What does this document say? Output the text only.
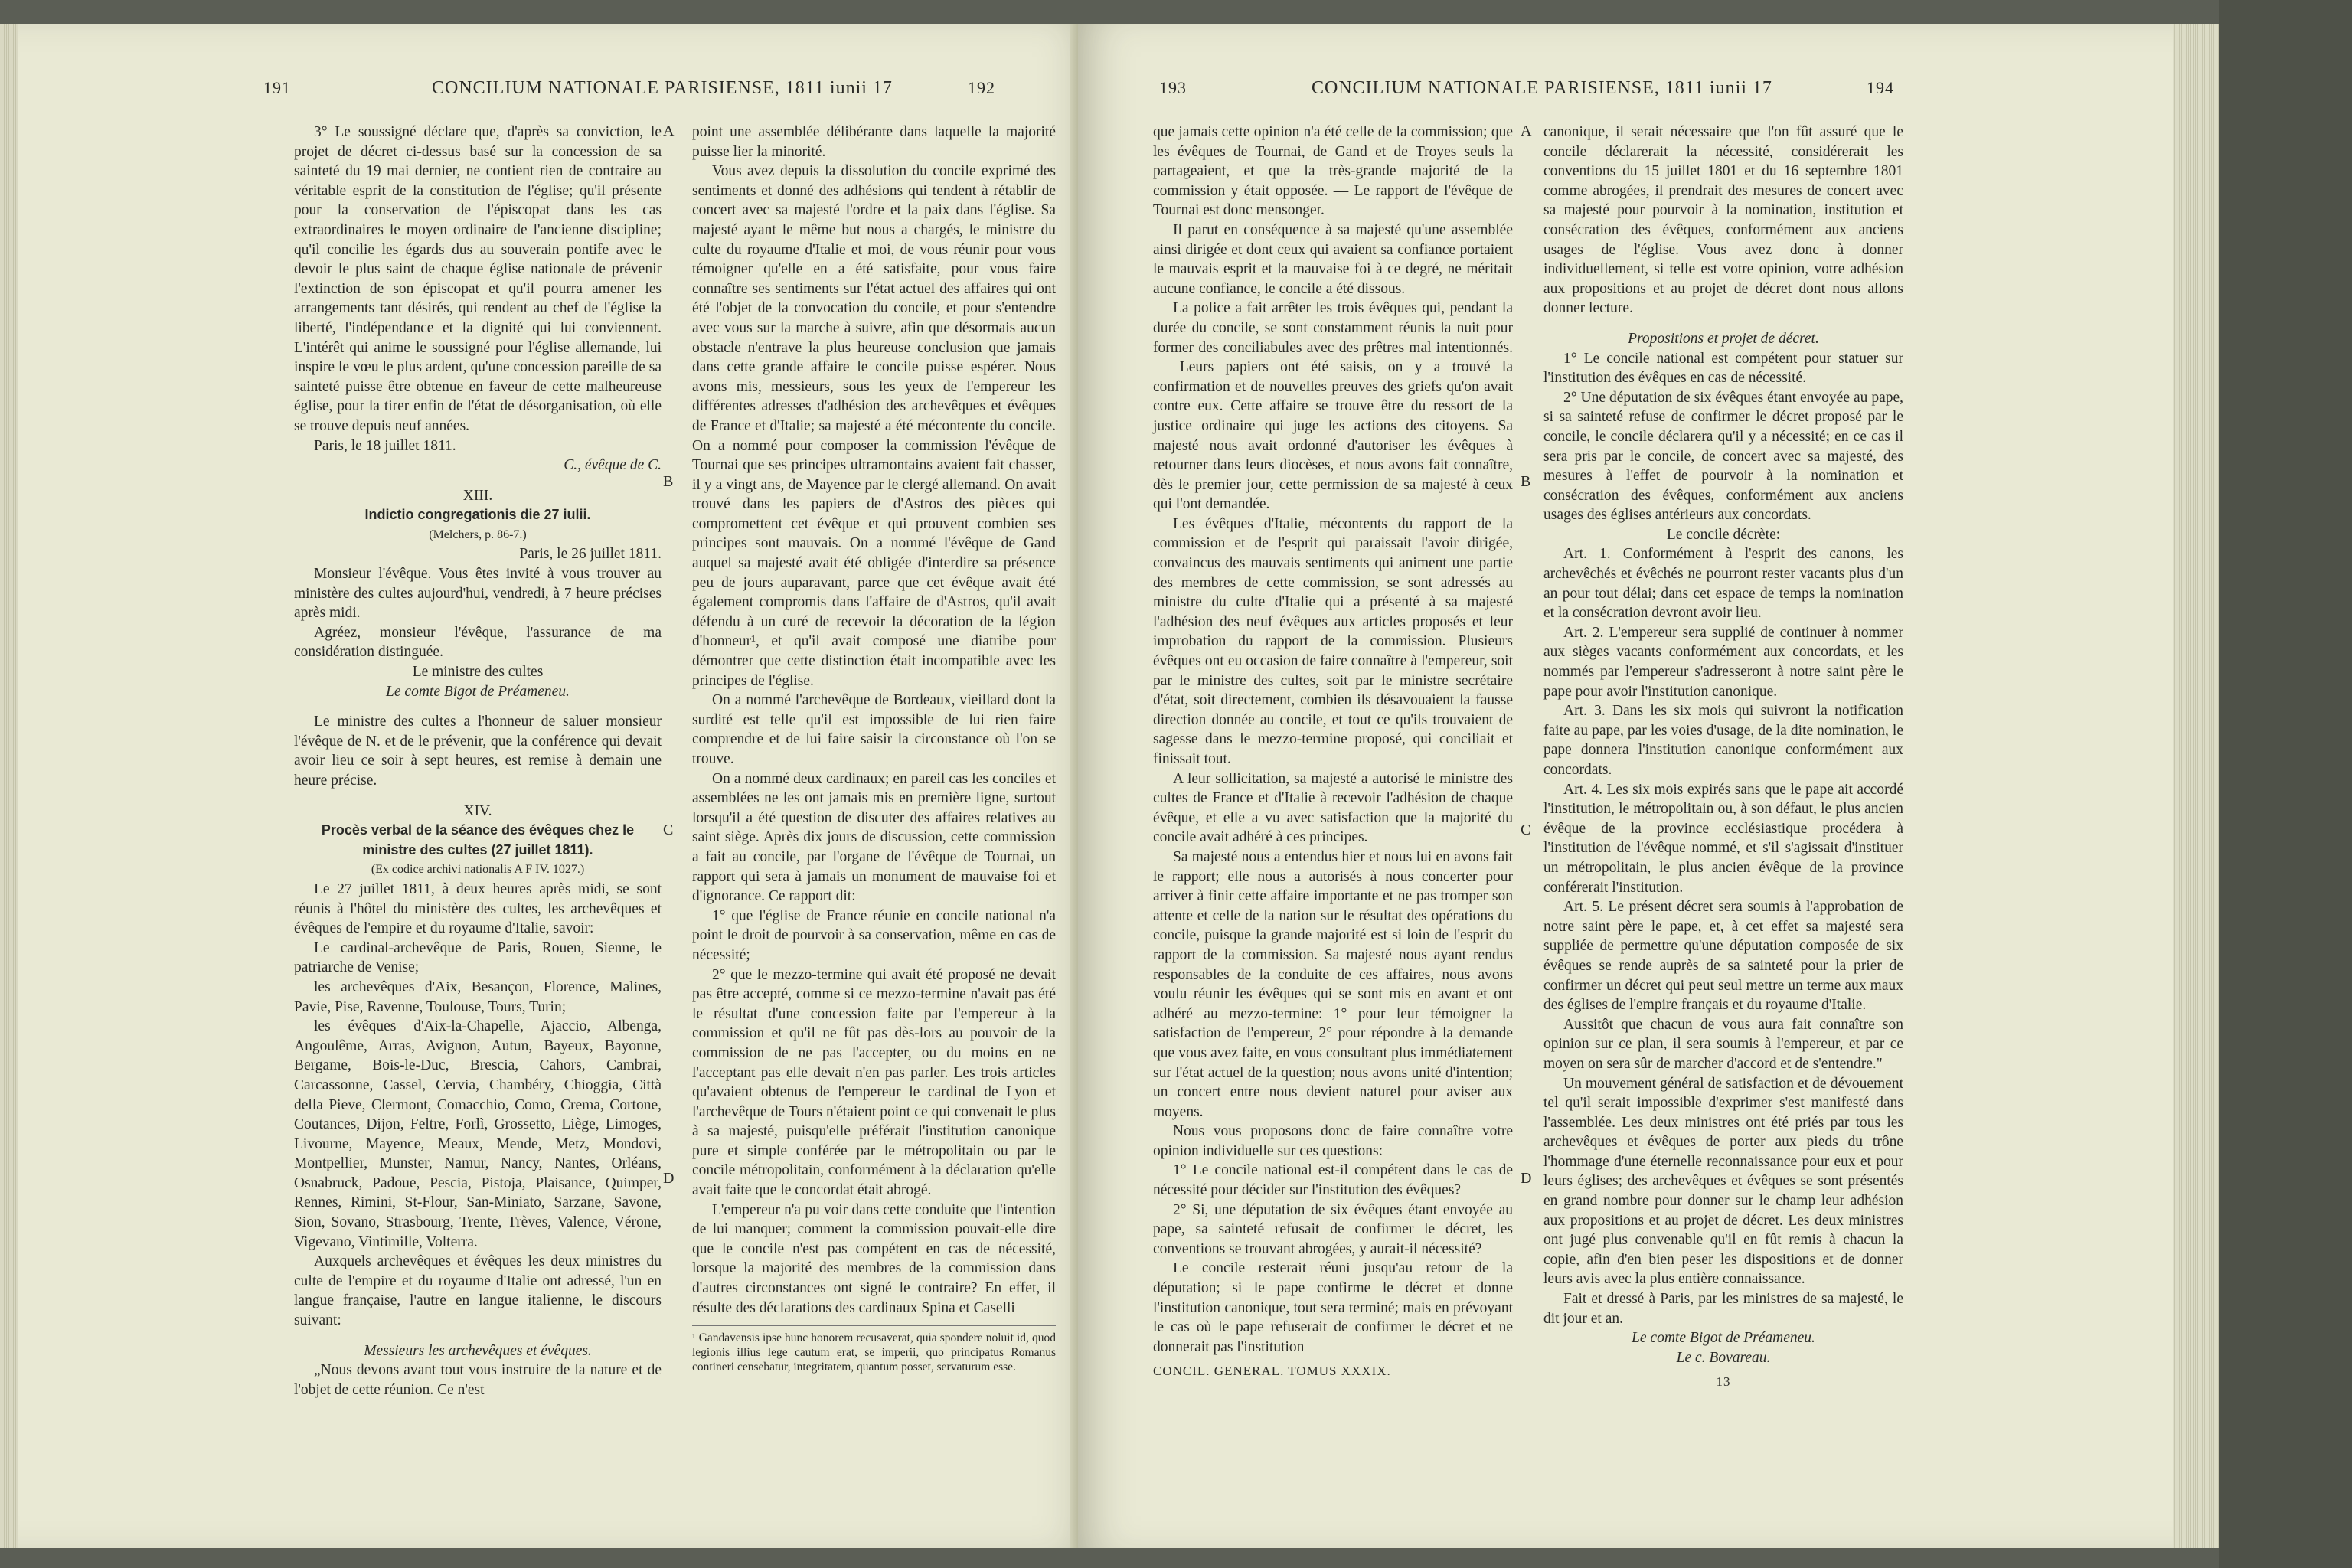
191	CONCILIUM NATIONALE PARISIENSE, 1811 iunii 17	192

3° Le soussigné déclare que, d'après sa conviction, le projet de décret ci-dessus basé sur la concession de sa sainteté du 19 mai dernier, ne contient rien de contraire au véritable esprit de la constitution de l'église; qu'il présente pour la conservation de l'épiscopat dans les cas extraordinaires le moyen ordinaire de l'ancienne discipline; qu'il concilie les égards dus au souverain pontife avec le devoir le plus saint de chaque église nationale de prévenir l'extinction de son épiscopat et qu'il pourra amener les arrangements tant désirés, qui rendent au chef de l'église la liberté, l'indépendance et la dignité qui lui conviennent. L'intérêt qui anime le soussigné pour l'église allemande, lui inspire le vœu le plus ardent, qu'une concession pareille de sa sainteté puisse être obtenue en faveur de cette malheureuse église, pour la tirer enfin de l'état de désorganisation, où elle se trouve depuis neuf années.

Paris, le 18 juillet 1811.

C., évêque de C.

XIII.

Indictio congregationis die 27 iulii.

(Melchers, p. 86-7.)

Paris, le 26 juillet 1811.

Monsieur l'évêque. Vous êtes invité à vous trouver au ministère des cultes aujourd'hui, vendredi, à 7 heure précises après midi.

Agréez, monsieur l'évêque, l'assurance de ma considération distinguée.

Le ministre des cultes

Le comte Bigot de Préameneu.

Le ministre des cultes a l'honneur de saluer monsieur l'évêque de N. et de le prévenir, que la conférence qui devait avoir lieu ce soir à sept heures, est remise à demain une heure précise.

XIV.

Procès verbal de la séance des évêques chez le ministre des cultes (27 juillet 1811).

(Ex codice archivi nationalis A F IV. 1027.)

Le 27 juillet 1811, à deux heures après midi, se sont réunis à l'hôtel du ministère des cultes, les archevêques et évêques de l'empire et du royaume d'Italie, savoir:

Le cardinal-archevêque de Paris, Rouen, Sienne, le patriarche de Venise;

les archevêques d'Aix, Besançon, Florence, Malines, Pavie, Pise, Ravenne, Toulouse, Tours, Turin;

les évêques d'Aix-la-Chapelle, Ajaccio, Albenga, Angoulême, Arras, Avignon, Autun, Bayeux, Bayonne, Bergame, Bois-le-Duc, Brescia, Cahors, Cambrai, Carcassonne, Cassel, Cervia, Chambéry, Chioggia, Città della Pieve, Clermont, Comacchio, Como, Crema, Cortone, Coutances, Dijon, Feltre, Forlì, Grossetto, Liège, Limoges, Livourne, Mayence, Meaux, Mende, Metz, Mondovi, Montpellier, Munster, Namur, Nancy, Nantes, Orléans, Osnabruck, Padoue, Pescia, Pistoja, Plaisance, Quimper, Rennes, Rimini, St-Flour, San-Miniato, Sarzane, Savone, Sion, Sovano, Strasbourg, Trente, Trèves, Valence, Vérone, Vigevano, Vintimille, Volterra.

Auxquels archevêques et évêques les deux ministres du culte de l'empire et du royaume d'Italie ont adressé, l'un en langue française, l'autre en langue italienne, le discours suivant:

Messieurs les archevêques et évêques.

„Nous devons avant tout vous instruire de la nature et de l'objet de cette réunion. Ce n'est

point une assemblée délibérante dans laquelle la majorité puisse lier la minorité.

Vous avez depuis la dissolution du concile exprimé des sentiments et donné des adhésions qui tendent à rétablir de concert avec sa majesté l'ordre et la paix dans l'église. Sa majesté ayant le même but nous a chargés, le ministre du culte du royaume d'Italie et moi, de vous réunir pour vous témoigner qu'elle en a été satisfaite, pour vous faire connaître ses sentiments sur l'état actuel des affaires qui ont été l'objet de la convocation du concile, et pour s'entendre avec vous sur la marche à suivre, afin que désormais aucun obstacle n'entrave la plus heureuse conclusion que jamais dans cette grande affaire le concile puisse espérer. Nous avons mis, messieurs, sous les yeux de l'empereur les différentes adresses d'adhésion des archevêques et évêques de France et d'Italie; sa majesté a été mécontente du concile. On a nommé pour composer la commission l'évêque de Tournai que ses principes ultramontains avaient fait chasser, il y a vingt ans, de Mayence par le clergé allemand. On avait trouvé dans les papiers de d'Astros des pièces qui compromettent cet évêque et qui prouvent combien ses principes sont mauvais. On a nommé l'évêque de Gand auquel sa majesté avait été obligée d'interdire sa présence peu de jours auparavant, parce que cet évêque avait été également compromis dans l'affaire de d'Astros, qu'il avait défendu à un curé de recevoir la décoration de la légion d'honneur¹, et qu'il avait composé une diatribe pour démontrer que cette distinction était incompatible avec les principes de l'église.

On a nommé l'archevêque de Bordeaux, vieillard dont la surdité est telle qu'il est impossible de lui rien faire comprendre et de lui faire saisir la circonstance où l'on se trouve.

On a nommé deux cardinaux; en pareil cas les conciles et assemblées ne les ont jamais mis en première ligne, surtout lorsqu'il a été question de discuter des affaires relatives au saint siège. Après dix jours de discussion, cette commission a fait au concile, par l'organe de l'évêque de Tournai, un rapport qui sera à jamais un monument de mauvaise foi et d'ignorance. Ce rapport dit:

1° que l'église de France réunie en concile national n'a point le droit de pourvoir à sa conservation, même en cas de nécessité;

2° que le mezzo-termine qui avait été proposé ne devait pas être accepté, comme si ce mezzo-termine n'avait pas été le résultat d'une concession faite par l'empereur à la commission et qu'il ne fût pas dès-lors au pouvoir de la commission de ne pas l'accepter, ou du moins en ne l'acceptant pas elle devait n'en pas parler. Les trois articles qu'avaient obtenus de l'empereur le cardinal de Lyon et l'archevêque de Tours n'étaient point ce qui convenait le plus à sa majesté, puisqu'elle préférait l'institution canonique pure et simple conférée par le métropolitain ou par le concile métropolitain, conformément à la déclaration qu'elle avait faite que le concordat était abrogé.

L'empereur n'a pu voir dans cette conduite que l'intention de lui manquer; comment la commission pouvait-elle dire que le concile n'est pas compétent en cas de nécessité, lorsque la majorité des membres de la commission dans d'autres circonstances ont signé le contraire? En effet, il résulte des déclarations des cardinaux Spina et Caselli

¹ Gandavensis ipse hunc honorem recusaverat, quia spondere noluit id, quod legionis illius lege cautum erat, se imperii, quo principatus Romanus contineri censebatur, integritatem, quantum posset, servaturum esse.
A
B
C
D
193	CONCILIUM NATIONALE PARISIENSE, 1811 iunii 17	194

que jamais cette opinion n'a été celle de la commission; que les évêques de Tournai, de Gand et de Troyes seuls la partageaient, et que la très-grande majorité de la commission y était opposée. — Le rapport de l'évêque de Tournai est donc mensonger.

Il parut en conséquence à sa majesté qu'une assemblée ainsi dirigée et dont ceux qui avaient sa confiance portaient le mauvais esprit et la mauvaise foi à ce degré, ne méritait aucune confiance, le concile a été dissous.

La police a fait arrêter les trois évêques qui, pendant la durée du concile, se sont constamment réunis la nuit pour former des conciliabules avec des prêtres mal intentionnés. — Leurs papiers ont été saisis, on y a trouvé la confirmation et de nouvelles preuves des griefs qu'on avait contre eux. Cette affaire se trouve être du ressort de la justice ordinaire qui juge les actions des citoyens. Sa majesté nous avait ordonné d'autoriser les évêques à retourner dans leurs diocèses, et nous avons fait connaître, dès le premier jour, cette permission de sa majesté à ceux qui l'ont demandée.

Les évêques d'Italie, mécontents du rapport de la commission et de l'esprit qui paraissait l'avoir dirigée, convaincus des mauvais sentiments qui animent une partie des membres de cette commission, se sont adressés au ministre du culte d'Italie qui a présenté à sa majesté l'adhésion des neuf évêques aux articles proposés et leur improbation du rapport de la commission. Plusieurs évêques ont eu occasion de faire connaître à l'empereur, soit par le ministre des cultes, soit par le ministre secrétaire d'état, soit directement, combien ils désavouaient la fausse direction donnée au concile, et tout ce qu'ils trouvaient de sagesse dans le mezzo-termine proposé, qui conciliait et finissait tout.

A leur sollicitation, sa majesté a autorisé le ministre des cultes de France et d'Italie à recevoir l'adhésion de chaque évêque, et elle a vu avec satisfaction que la majorité du concile avait adhéré à ces principes.

Sa majesté nous a entendus hier et nous lui en avons fait le rapport; elle nous a autorisés à nous concerter pour arriver à finir cette affaire importante et ne pas tromper son attente et celle de la nation sur le résultat des opérations du concile, puisque la grande majorité est si loin de l'esprit du rapport de la commission. Sa majesté nous ayant rendus responsables de la conduite de ces affaires, nous avons voulu réunir les évêques qui se sont mis en avant et ont adhéré au mezzo-termine: 1° pour leur témoigner la satisfaction de l'empereur, 2° pour répondre à la demande que vous avez faite, en vous consultant plus immédiatement sur l'état actuel de la question; nous avons unité d'intention; un concert entre nous devient naturel pour aviser aux moyens.

Nous vous proposons donc de faire connaître votre opinion individuelle sur ces questions:

1° Le concile national est-il compétent dans le cas de nécessité pour décider sur l'institution des évêques?

2° Si, une députation de six évêques étant envoyée au pape, sa sainteté refusait de confirmer le décret, les conventions se trouvant abrogées, y aurait-il nécessité?

Le concile resterait réuni jusqu'au retour de la députation; si le pape confirme le décret et donne l'institution canonique, tout sera terminé; mais en prévoyant le cas où le pape refuserait de confirmer le décret et ne donnerait pas l'institution

CONCIL. GENERAL. TOMUS XXXIX.

canonique, il serait nécessaire que l'on fût assuré que le concile déclarerait la nécessité, considérerait les conventions du 15 juillet 1801 et du 16 septembre 1801 comme abrogées, il prendrait des mesures de concert avec sa majesté pour pourvoir à la nomination, institution et consécration des évêques, conformément aux anciens usages de l'église. Vous avez donc à donner individuellement, si telle est votre opinion, votre adhésion aux propositions et au projet de décret dont nous allons donner lecture.

Propositions et projet de décret.

1° Le concile national est compétent pour statuer sur l'institution des évêques en cas de nécessité.

2° Une députation de six évêques étant envoyée au pape, si sa sainteté refuse de confirmer le décret proposé par le concile, le concile déclarera qu'il y a nécessité; en ce cas il sera pris par le concile, de concert avec sa majesté, des mesures à l'effet de pourvoir à la nomination et consécration des évêques, conformément aux anciens usages des églises antérieurs aux concordats.

Le concile décrète:

Art. 1. Conformément à l'esprit des canons, les archevêchés et évêchés ne pourront rester vacants plus d'un an pour tout délai; dans cet espace de temps la nomination et la consécration devront avoir lieu.

Art. 2. L'empereur sera supplié de continuer à nommer aux sièges vacants conformément aux concordats, et les nommés par l'empereur s'adresseront à notre saint père le pape pour avoir l'institution canonique.

Art. 3. Dans les six mois qui suivront la notification faite au pape, par les voies d'usage, de la dite nomination, le pape donnera l'institution canonique conformément aux concordats.

Art. 4. Les six mois expirés sans que le pape ait accordé l'institution, le métropolitain ou, à son défaut, le plus ancien évêque de la province ecclésiastique procédera à l'institution de l'évêque nommé, et s'il s'agissait d'instituer un métropolitain, le plus ancien évêque de la province conférerait l'institution.

Art. 5. Le présent décret sera soumis à l'approbation de notre saint père le pape, et, à cet effet sa majesté sera suppliée de permettre qu'une députation composée de six évêques se rende auprès de sa sainteté pour la prier de confirmer un décret qui peut seul mettre un terme aux maux des églises de l'empire français et du royaume d'Italie.

Aussitôt que chacun de vous aura fait connaître son opinion sur ce plan, il sera soumis à l'empereur, et par ce moyen on sera sûr de marcher d'accord et de s'entendre."

Un mouvement général de satisfaction et de dévouement tel qu'il serait impossible d'exprimer s'est manifesté dans l'assemblée. Les deux ministres ont été priés par tous les archevêques et évêques de porter aux pieds du trône l'hommage d'une éternelle reconnaissance pour eux et pour leurs églises; des archevêques et évêques se sont présentés en grand nombre pour donner sur le champ leur adhésion aux propositions et au projet de décret. Les deux ministres ont jugé plus convenable qu'il en fût remis à chacun la copie, afin d'en bien peser les dispositions et de donner leurs avis avec la plus entière connaissance.

Fait et dressé à Paris, par les ministres de sa majesté, le dit jour et an.

Le comte Bigot de Préameneu.

Le c. Bovareau.

13
A
B
C
D
